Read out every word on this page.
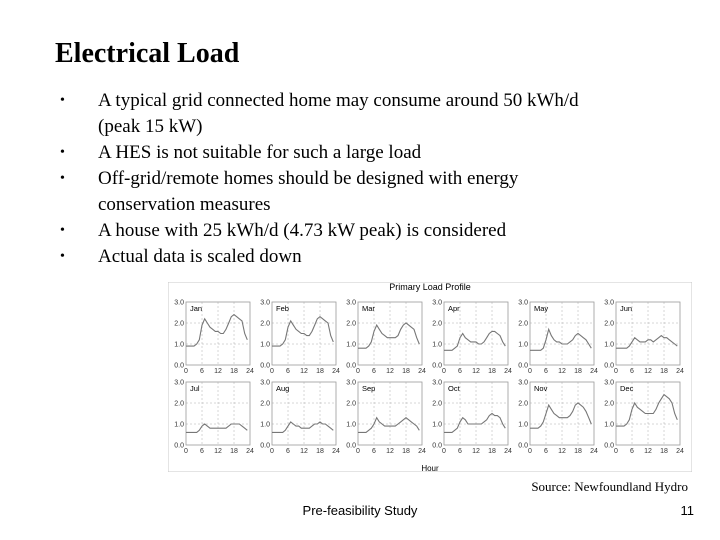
Electrical Load
• A typical grid connected home may consume around 50 kWh/d (peak 15 kW)
• A HES is not suitable for such a large load
• Off-grid/remote homes should be designed with energy conservation measures
• A house with 25 kWh/d (4.73 kW peak) is considered
• Actual data is scaled down
Primary Load Profile
Hour
Jan
0.0
1.0
2.0
3.0
0 6 12 18 24
Feb
0.0
1.0
2.0
3.0
0 6 12 18 24
Mar
0.0
1.0
2.0
3.0
0 6 12 18 24
Apr
0.0
1.0
2.0
3.0
0 6 12 18 24
May
0.0
1.0
2.0
3.0
0 6 12 18 24
Jun
0.0
1.0
2.0
3.0
0 6 12 18 24
Jul
0.0
1.0
2.0
3.0
0 6 12 18 24
Aug
0.0
1.0
2.0
3.0
0 6 12 18 24
Sep
0.0
1.0
2.0
3.0
0 6 12 18 24
Oct
0.0
1.0
2.0
3.0
0 6 12 18 24
Nov
0.0
1.0
2.0
3.0
0 6 12 18 24
Dec
0.0
1.0
2.0
3.0
0 6 12 18 24
Source: Newfoundland Hydro
Pre-feasibility Study	11
